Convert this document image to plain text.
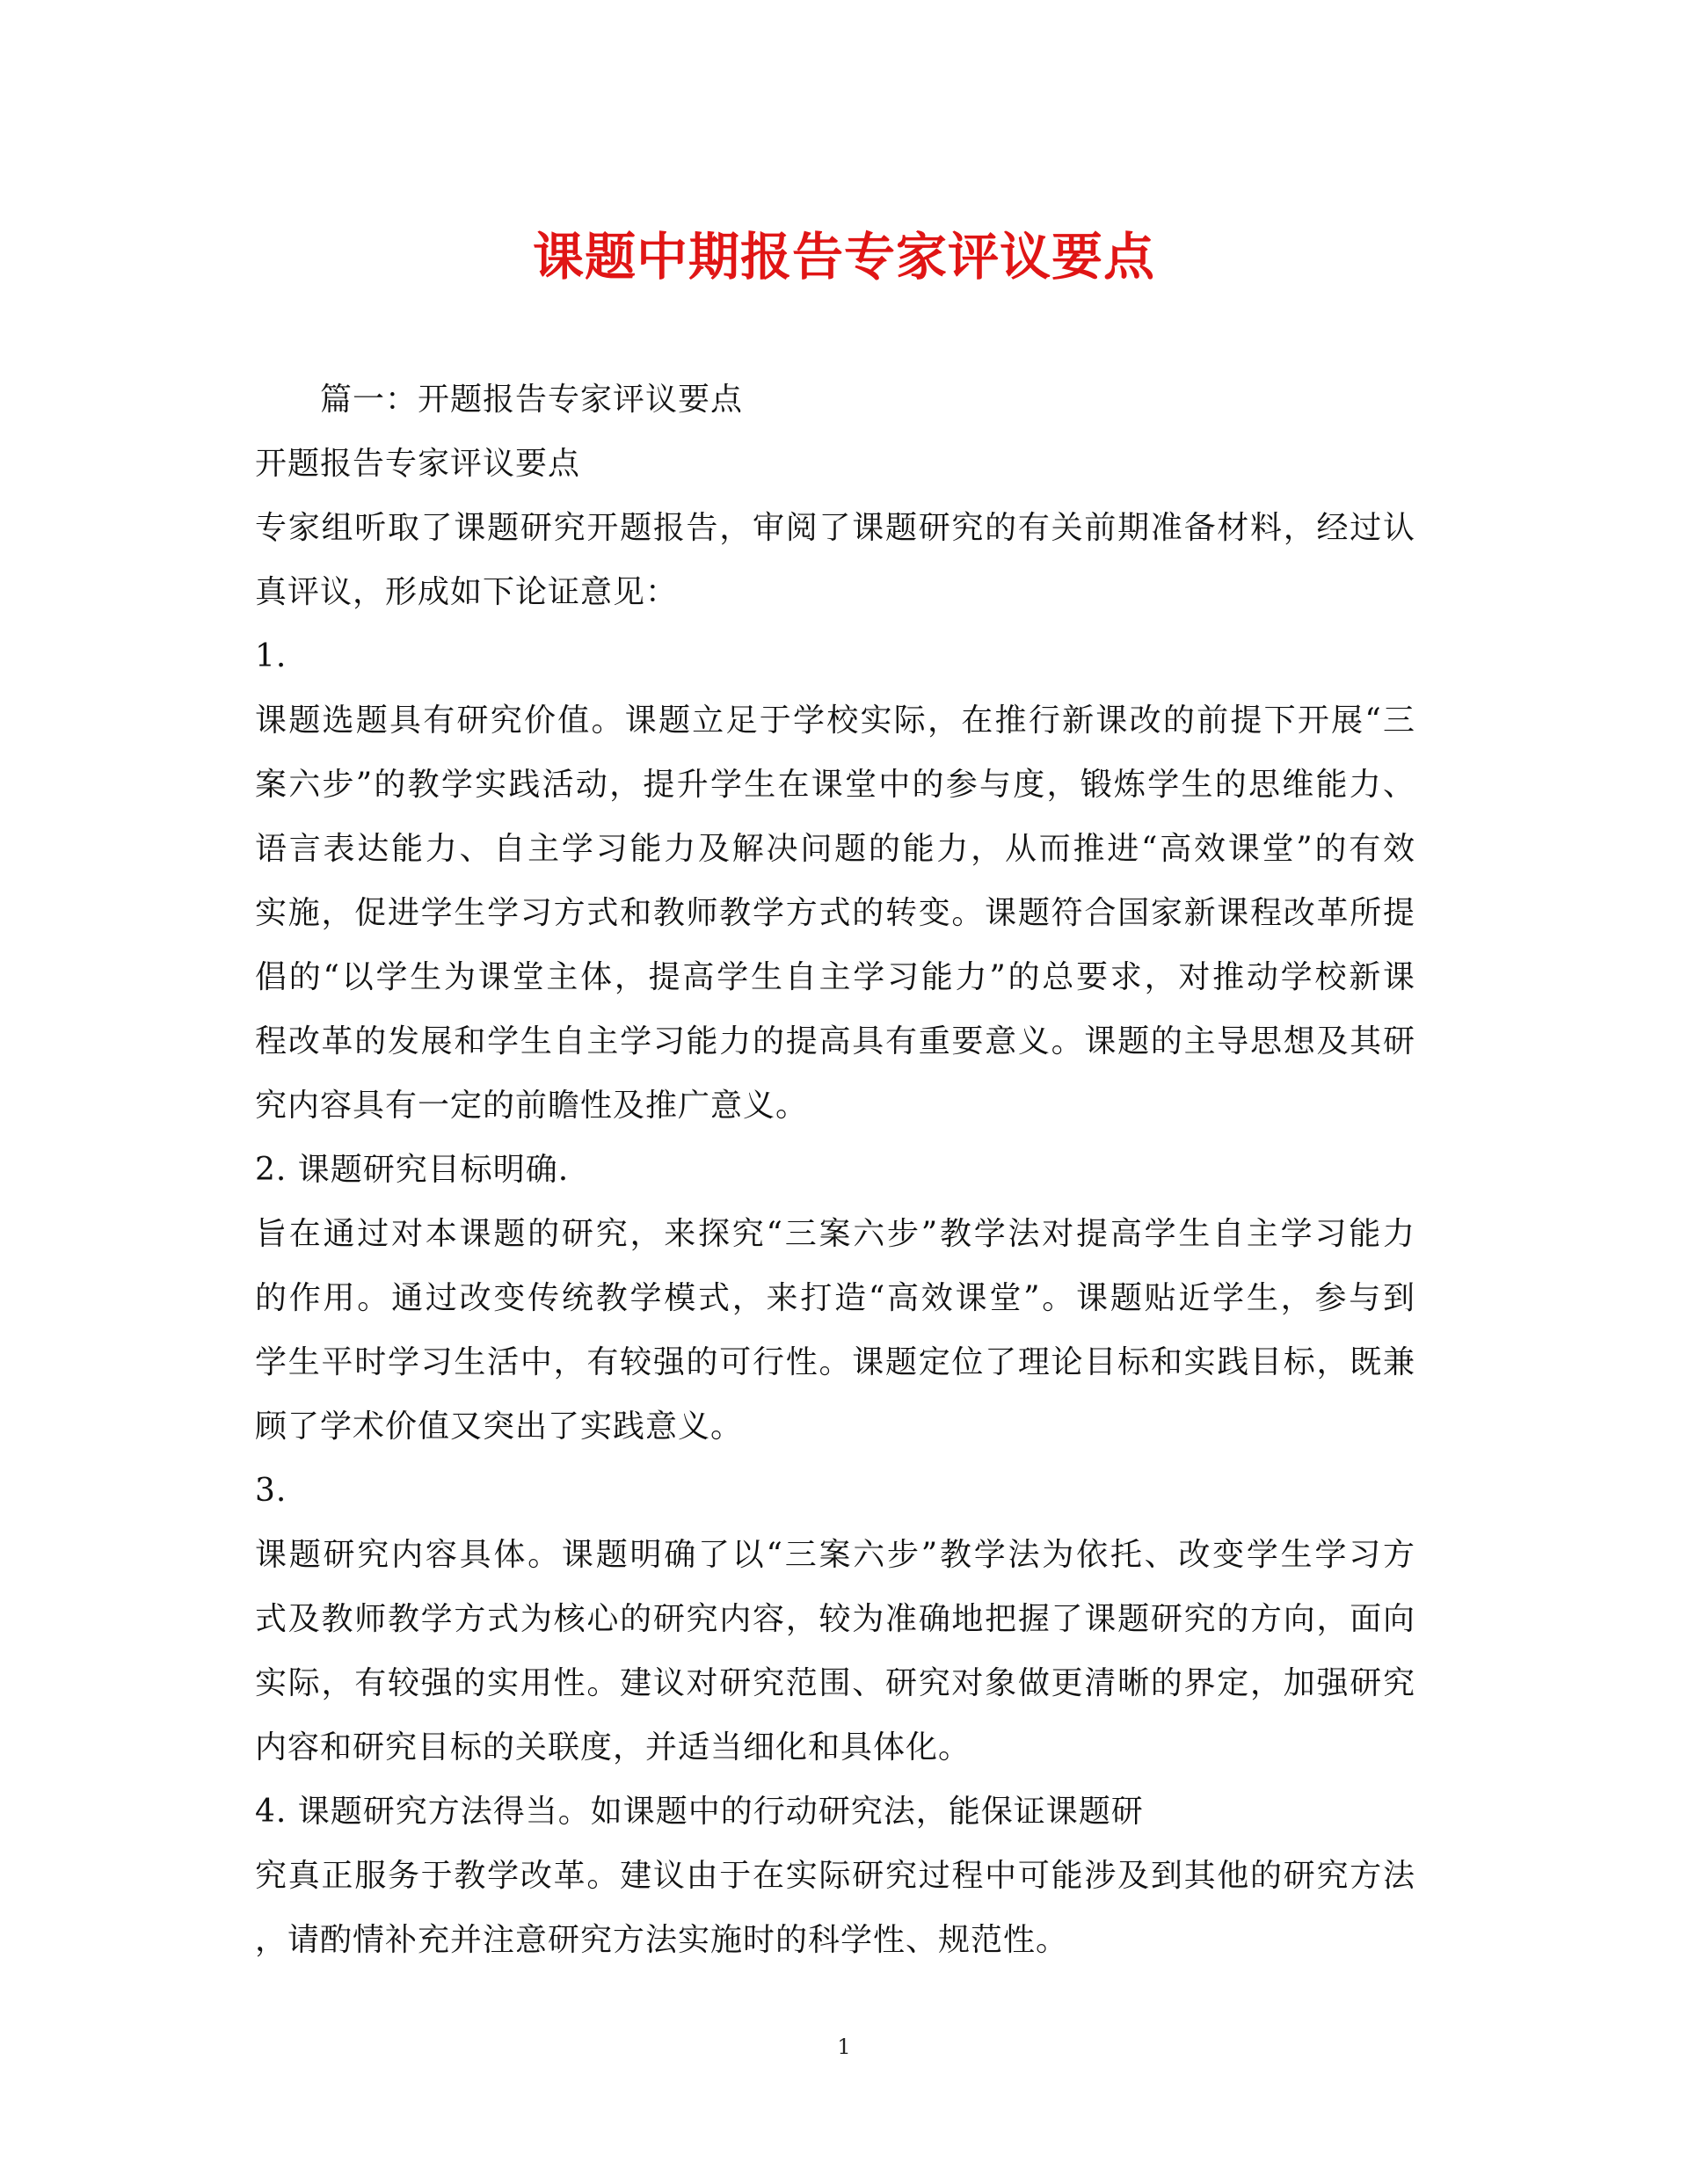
课题中期报告专家评议要点
篇一：开题报告专家评议要点
开题报告专家评议要点
专家组听取了课题研究开题报告，审阅了课题研究的有关前期准备材料，经过认
真评议，形成如下论证意见：
1.
课题选题具有研究价值。课题立足于学校实际，在推行新课改的前提下开展“三
案六步”的教学实践活动，提升学生在课堂中的参与度，锻炼学生的思维能力、
语言表达能力、自主学习能力及解决问题的能力，从而推进“高效课堂”的有效
实施，促进学生学习方式和教师教学方式的转变。课题符合国家新课程改革所提
倡的“以学生为课堂主体，提高学生自主学习能力”的总要求，对推动学校新课
程改革的发展和学生自主学习能力的提高具有重要意义。课题的主导思想及其研
究内容具有一定的前瞻性及推广意义。
2. 课题研究目标明确.
旨在通过对本课题的研究，来探究“三案六步”教学法对提高学生自主学习能力
的作用。通过改变传统教学模式，来打造“高效课堂”。课题贴近学生，参与到
学生平时学习生活中，有较强的可行性。课题定位了理论目标和实践目标，既兼
顾了学术价值又突出了实践意义。
3.
课题研究内容具体。课题明确了以“三案六步”教学法为依托、改变学生学习方
式及教师教学方式为核心的研究内容，较为准确地把握了课题研究的方向，面向
实际，有较强的实用性。建议对研究范围、研究对象做更清晰的界定，加强研究
内容和研究目标的关联度，并适当细化和具体化。
4. 课题研究方法得当。如课题中的行动研究法，能保证课题研
究真正服务于教学改革。建议由于在实际研究过程中可能涉及到其他的研究方法
，请酌情补充并注意研究方法实施时的科学性、规范性。
1
